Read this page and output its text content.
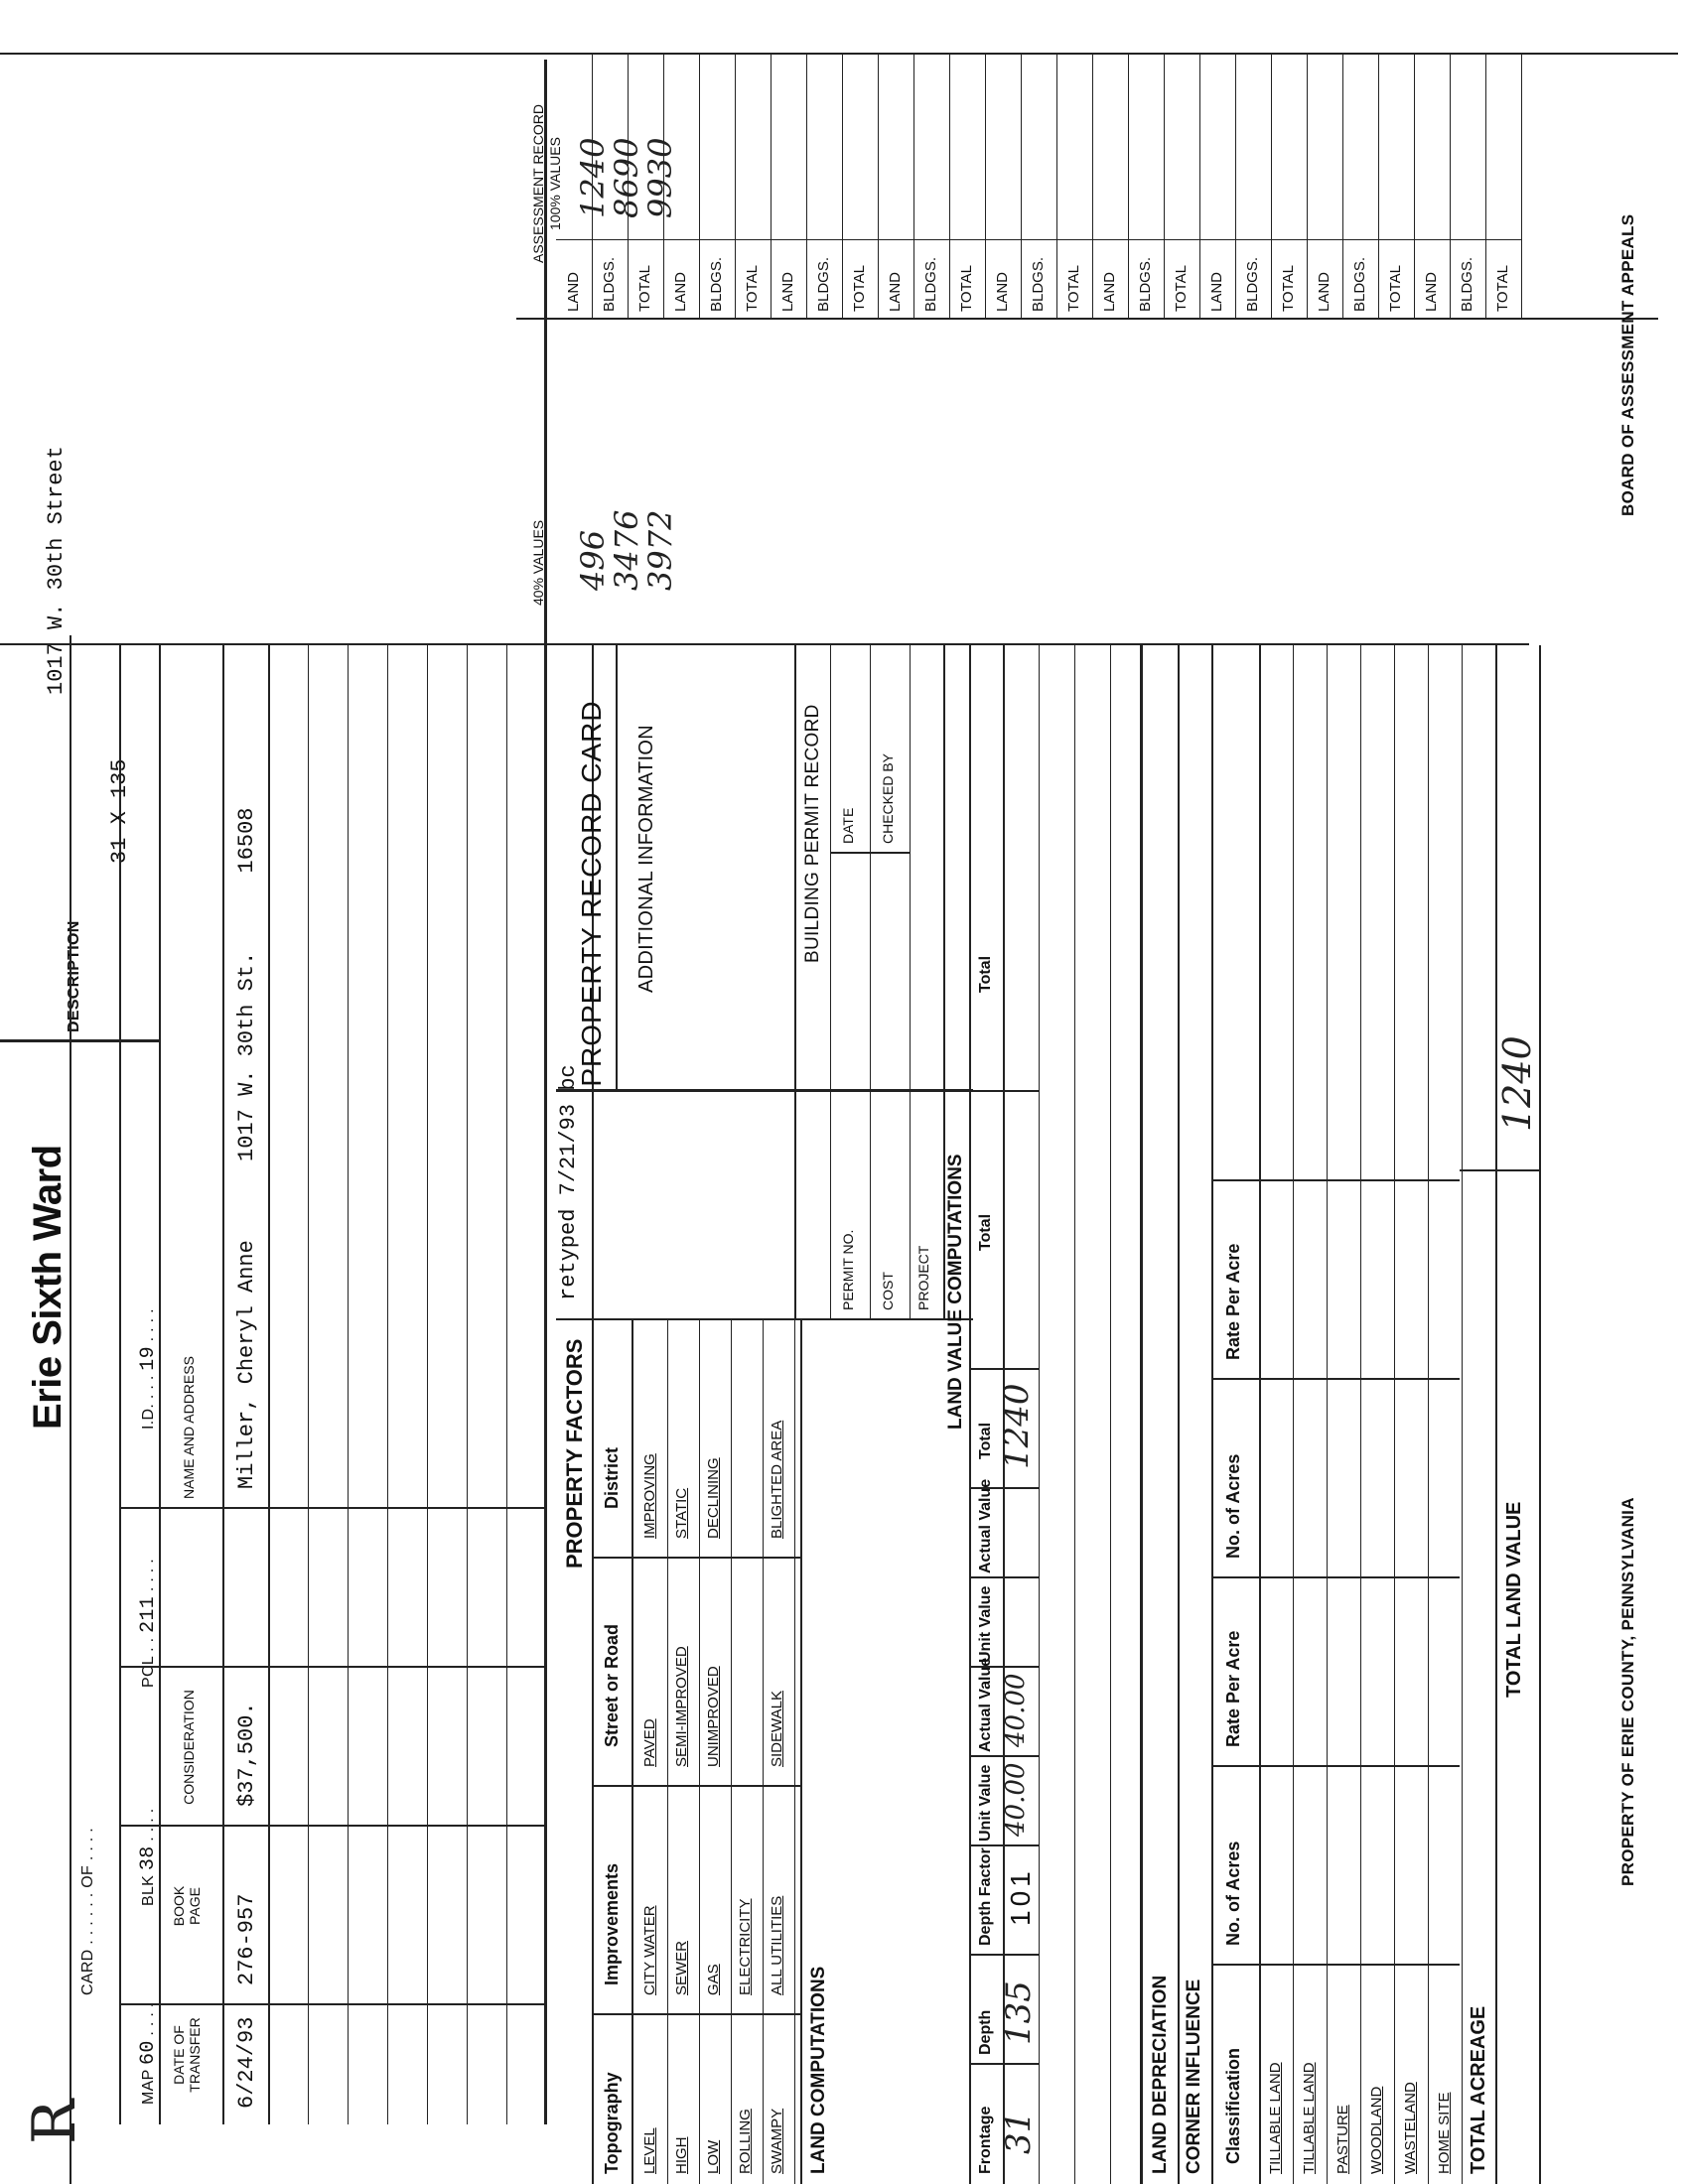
R
CARD . . . . . . OF . . . .
Erie Sixth Ward
DESCRIPTION
1017 W. 30th Street
31 X 135
MAP 60 . . . .
BLK 38 . . . .
PCL . . 211 . . . .
I.D. . . . 19 . . . .
DATE OF TRANSFER
BOOK PAGE
CONSIDERATION
NAME AND ADDRESS
6/24/93
276-957
$37,500.
Miller, Cheryl Anne      1017 W. 30th St.      16508
40% VALUES
ASSESSMENT RECORD
100% VALUES
496
3476
3972
1240
8690
9930
LAND BLDGS. TOTAL LAND BLDGS. TOTAL LAND BLDGS. TOTAL LAND BLDGS. TOTAL LAND BLDGS. TOTAL LAND BLDGS. TOTAL LAND BLDGS. TOTAL LAND BLDGS. TOTAL LAND BLDGS. TOTAL
PROPERTY FACTORS
retyped 7/21/93 bc
Topography
Improvements
Street or Road
District
LEVEL
CITY WATER
PAVED
IMPROVING
HIGH
SEWER
SEMI-IMPROVED
STATIC
LOW
GAS
UNIMPROVED
DECLINING
ROLLING
ELECTRICITY
SWAMPY
ALL UTILITIES
SIDEWALK
BLIGHTED AREA
LAND COMPUTATIONS
PROPERTY RECORD CARD ADDITIONAL INFORMATION	BUILDING PERMIT RECORD
PERMIT NO. COST PROJECT
DATE CHECKED BY
LAND VALUE COMPUTATIONS
Frontage
Depth
Depth Factor
Unit Value
Actual Value
Unit Value
Actual Value
Total
Total
Total
31
135
101
40.00
40.00
1240
LAND DEPRECIATION CORNER INFLUENCE Classification
No. of Acres
Rate Per Acre
No. of Acres
Rate Per Acre
TILLABLE LAND TILLABLE LAND PASTURE WOODLAND WASTELAND HOME SITE TOTAL ACREAGE
TOTAL LAND VALUE
1240
PROPERTY OF ERIE COUNTY, PENNSYLVANIA
BOARD OF ASSESSMENT APPEALS
